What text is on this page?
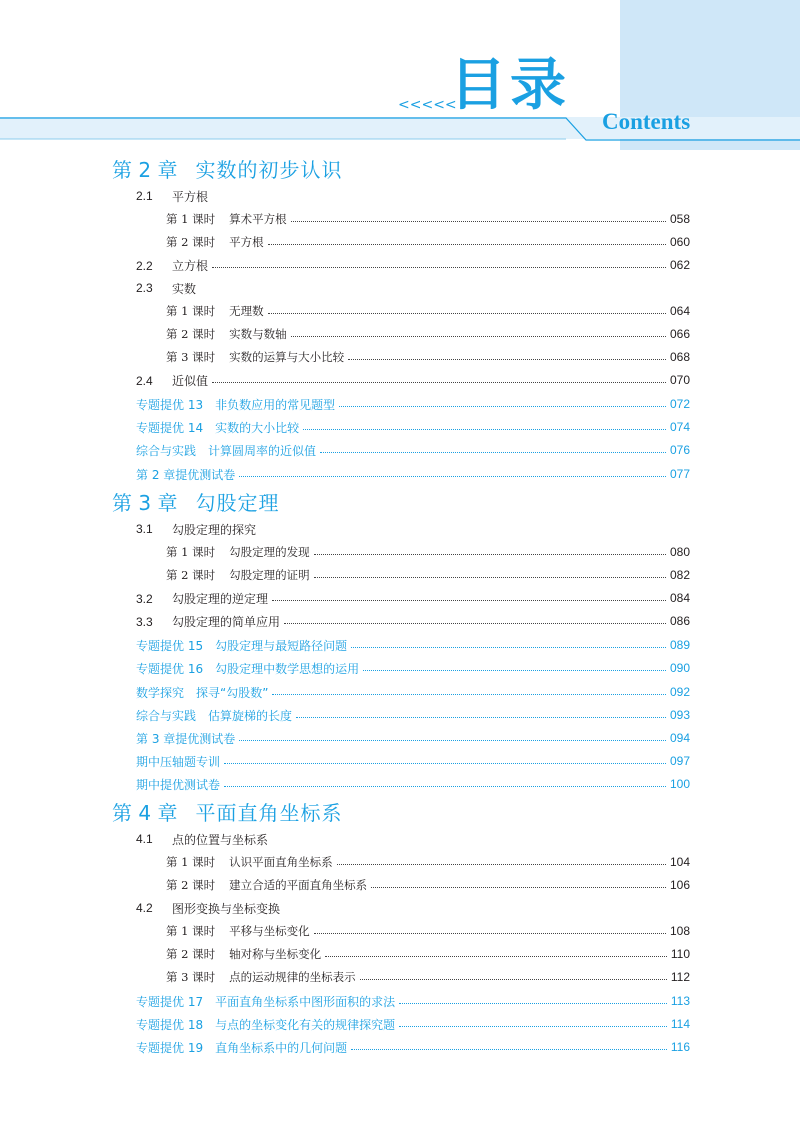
<<<<<
目录
Contents
第 2 章 实数的初步认识
2.1	平方根
第 1 课时 算术平方根	058
第 2 课时 平方根	060
2.2 立方根	062
2.3	实数
第 1 课时 无理数	064
第 2 课时 实数与数轴	066
第 3 课时 实数的运算与大小比较	068
2.4 近似值	070
专题提优 13 非负数应用的常见题型	072
专题提优 14 实数的大小比较	074
综合与实践 计算圆周率的近似值	076
第 2 章提优测试卷	077
第 3 章 勾股定理
3.1	勾股定理的探究
第 1 课时 勾股定理的发现	080
第 2 课时 勾股定理的证明	082
3.2 勾股定理的逆定理	084
3.3 勾股定理的简单应用	086
专题提优 15 勾股定理与最短路径问题	089
专题提优 16 勾股定理中数学思想的运用	090
数学探究 探寻“勾股数”	092
综合与实践 估算旋梯的长度	093
第 3 章提优测试卷	094
期中压轴题专训	097
期中提优测试卷	100
第 4 章 平面直角坐标系
4.1	点的位置与坐标系
第 1 课时 认识平面直角坐标系	104
第 2 课时 建立合适的平面直角坐标系	106
4.2	图形变换与坐标变换
第 1 课时 平移与坐标变化	108
第 2 课时 轴对称与坐标变化	110
第 3 课时 点的运动规律的坐标表示	112
专题提优 17 平面直角坐标系中图形面积的求法	113
专题提优 18 与点的坐标变化有关的规律探究题	114
专题提优 19 直角坐标系中的几何问题	116
